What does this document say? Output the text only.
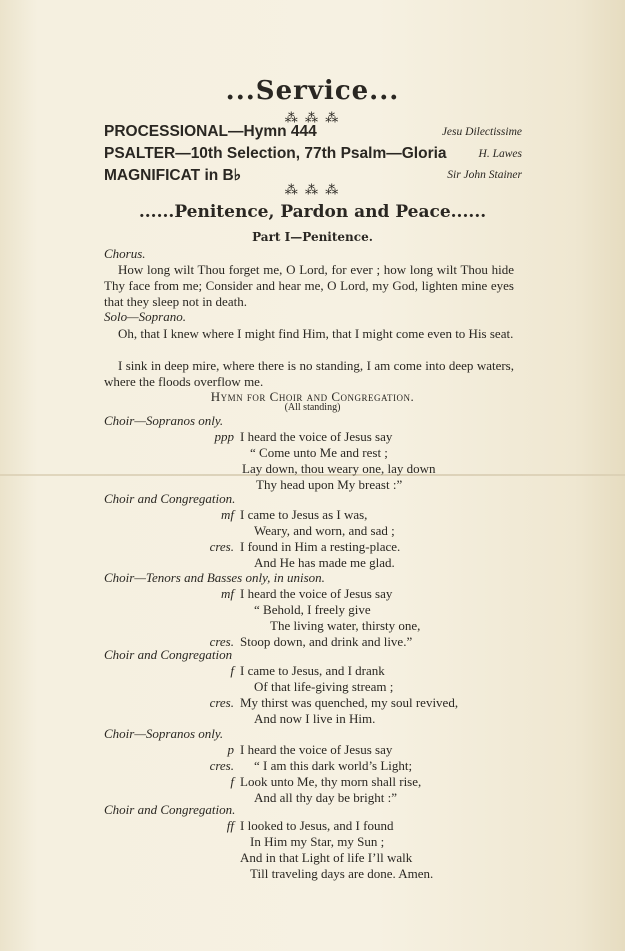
...Service...
⁂ ⁂ ⁂
PROCESSIONAL—Hymn 444	Jesu Dilectissime
PSALTER—10th Selection, 77th Psalm—Gloria	H. Lawes
MAGNIFICAT in B♭	Sir John Stainer
⁂ ⁂ ⁂
......Penitence, Pardon and Peace......
Part I—Penitence.
Chorus.
How long wilt Thou forget me, O Lord, for ever ; how long wilt Thou hide Thy face from me; Consider and hear me, O Lord, my God, lighten mine eyes that they sleep not in death.
Solo—Soprano.
Oh, that I knew where I might find Him, that I might come even to His seat.
I sink in deep mire, where there is no standing, I am come into deep waters, where the floods overflow me.
Hymn for Choir and Congregation.
(All standing)
Choir—Sopranos only.
ppp I heard the voice of Jesus say
“ Come unto Me and rest ;
Lay down, thou weary one, lay down
Thy head upon My breast :”
Choir and Congregation.
mf I came to Jesus as I was,
Weary, and worn, and sad ;
cres. I found in Him a resting-place.
And He has made me glad.
Choir—Tenors and Basses only, in unison.
mf I heard the voice of Jesus say
“ Behold, I freely give
The living water, thirsty one,
cres. Stoop down, and drink and live.”
Choir and Congregation
f I came to Jesus, and I drank
Of that life-giving stream ;
cres. My thirst was quenched, my soul revived,
And now I live in Him.
Choir—Sopranos only.
p I heard the voice of Jesus say
cres. “ I am this dark world’s Light;
f Look unto Me, thy morn shall rise,
And all thy day be bright :”
Choir and Congregation.
ff I looked to Jesus, and I found
In Him my Star, my Sun ;
And in that Light of life I’ll walk
Till traveling days are done. Amen.
